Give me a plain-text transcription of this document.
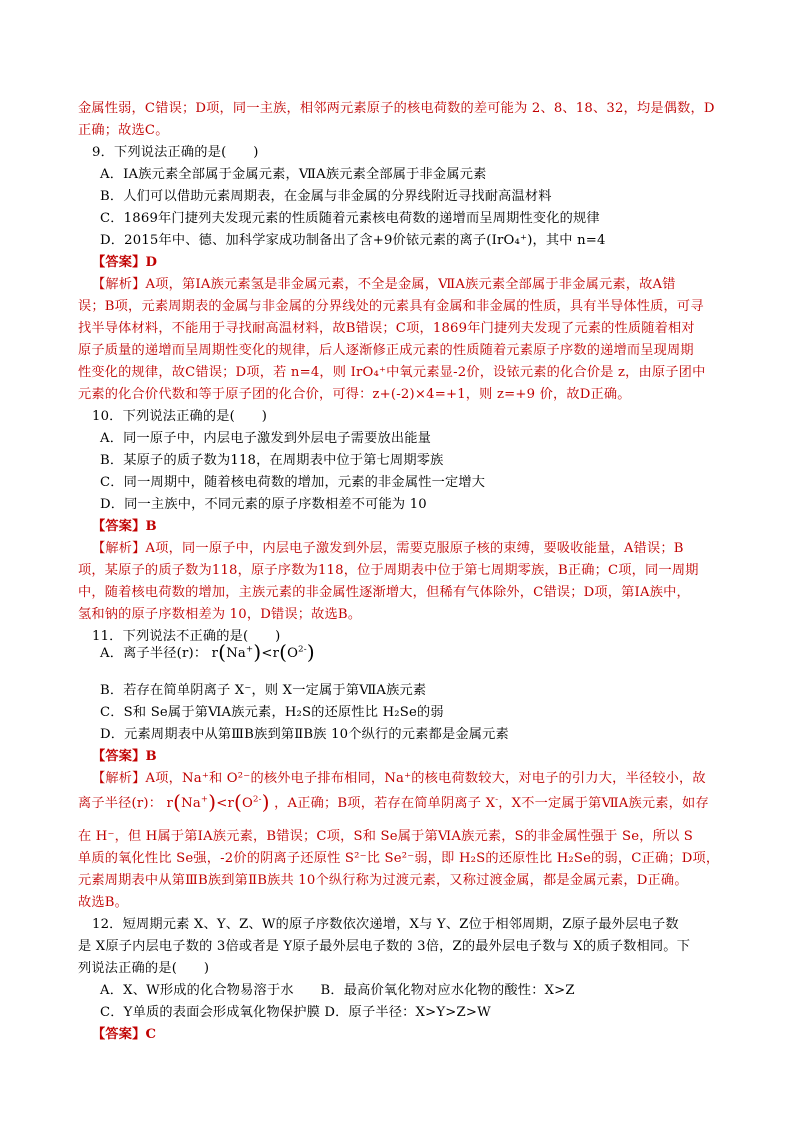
金属性弱，C错误；D项，同一主族，相邻两元素原子的核电荷数的差可能为 2、8、18、32，均是偶数，D
正确；故选C。
9．下列说法正确的是(　　)
A．ⅠA族元素全部属于金属元素，ⅦA族元素全部属于非金属元素
B．人们可以借助元素周期表，在金属与非金属的分界线附近寻找耐高温材料
C．1869年门捷列夫发现元素的性质随着元素核电荷数的递增而呈周期性变化的规律
D．2015年中、德、加科学家成功制备出了含+9价铱元素的离子(IrO₄⁺)，其中 n=4
【答案】D
【解析】A项，第IA族元素氢是非金属元素，不全是金属，ⅦA族元素全部属于非金属元素，故A错
误；B项，元素周期表的金属与非金属的分界线处的元素具有金属和非金属的性质，具有半导体性质，可寻
找半导体材料，不能用于寻找耐高温材料，故B错误；C项，1869年门捷列夫发现了元素的性质随着相对
原子质量的递增而呈周期性变化的规律，后人逐渐修正成元素的性质随着元素原子序数的递增而呈现周期
性变化的规律，故C错误；D项，若 n=4，则 IrO₄⁺中氧元素显-2价，设铱元素的化合价是 z，由原子团中
元素的化合价代数和等于原子团的化合价，可得：z+(-2)×4=+1，则 z=+9 价，故D正确。
10．下列说法正确的是(　　)
A．同一原子中，内层电子激发到外层电子需要放出能量
B．某原子的质子数为118，在周期表中位于第七周期零族
C．同一周期中，随着核电荷数的增加，元素的非金属性一定增大
D．同一主族中，不同元素的原子序数相差不可能为 10
【答案】B
【解析】A项，同一原子中，内层电子激发到外层，需要克服原子核的束缚，要吸收能量，A错误；B
项，某原子的质子数为118，原子序数为118，位于周期表中位于第七周期零族，B正确；C项，同一周期
中，随着核电荷数的增加，主族元素的非金属性逐渐增大，但稀有气体除外，C错误；D项，第ⅠA族中，
氢和钠的原子序数相差为 10，D错误；故选B。
11．下列说法不正确的是(　　)
B．若存在简单阴离子 X⁻，则 X一定属于第ⅦA族元素
C．S和 Se属于第ⅥA族元素，H₂S的还原性比 H₂Se的弱
D．元素周期表中从第ⅢB族到第ⅡB族 10个纵行的元素都是金属元素
【答案】B
【解析】A项，Na⁺和 O²⁻的核外电子排布相同，Na⁺的核电荷数较大，对电子的引力大，半径较小，故
在 H⁻，但 H属于第ⅠA族元素，B错误；C项，S和 Se属于第ⅥA族元素，S的非金属性强于 Se，所以 S
单质的氧化性比 Se强，-2价的阴离子还原性 S²⁻比 Se²⁻弱，即 H₂S的还原性比 H₂Se的弱，C正确；D项，
元素周期表中从第ⅢB族到第ⅡB族共 10个纵行称为过渡元素，又称过渡金属，都是金属元素，D正确。
故选B。
12．短周期元素 X、Y、Z、W的原子序数依次递增，X与 Y、Z位于相邻周期，Z原子最外层电子数
是 X原子内层电子数的 3倍或者是 Y原子最外层电子数的 3倍，Z的最外层电子数与 X的质子数相同。下
列说法正确的是(　　)
A．X、W形成的化合物易溶于水　　B．最高价氧化物对应水化物的酸性：X>Z
C．Y单质的表面会形成氧化物保护膜 D．原子半径：X>Y>Z>W
【答案】C
A．离子半径(r)： $r(Na^+)<r(O^{2-})$
离子半径(r)： $r(Na^+)<r(O^{2-})$ ，A正确；B项，若存在简单阴离子 X-，X不一定属于第ⅦA族元素，如存
